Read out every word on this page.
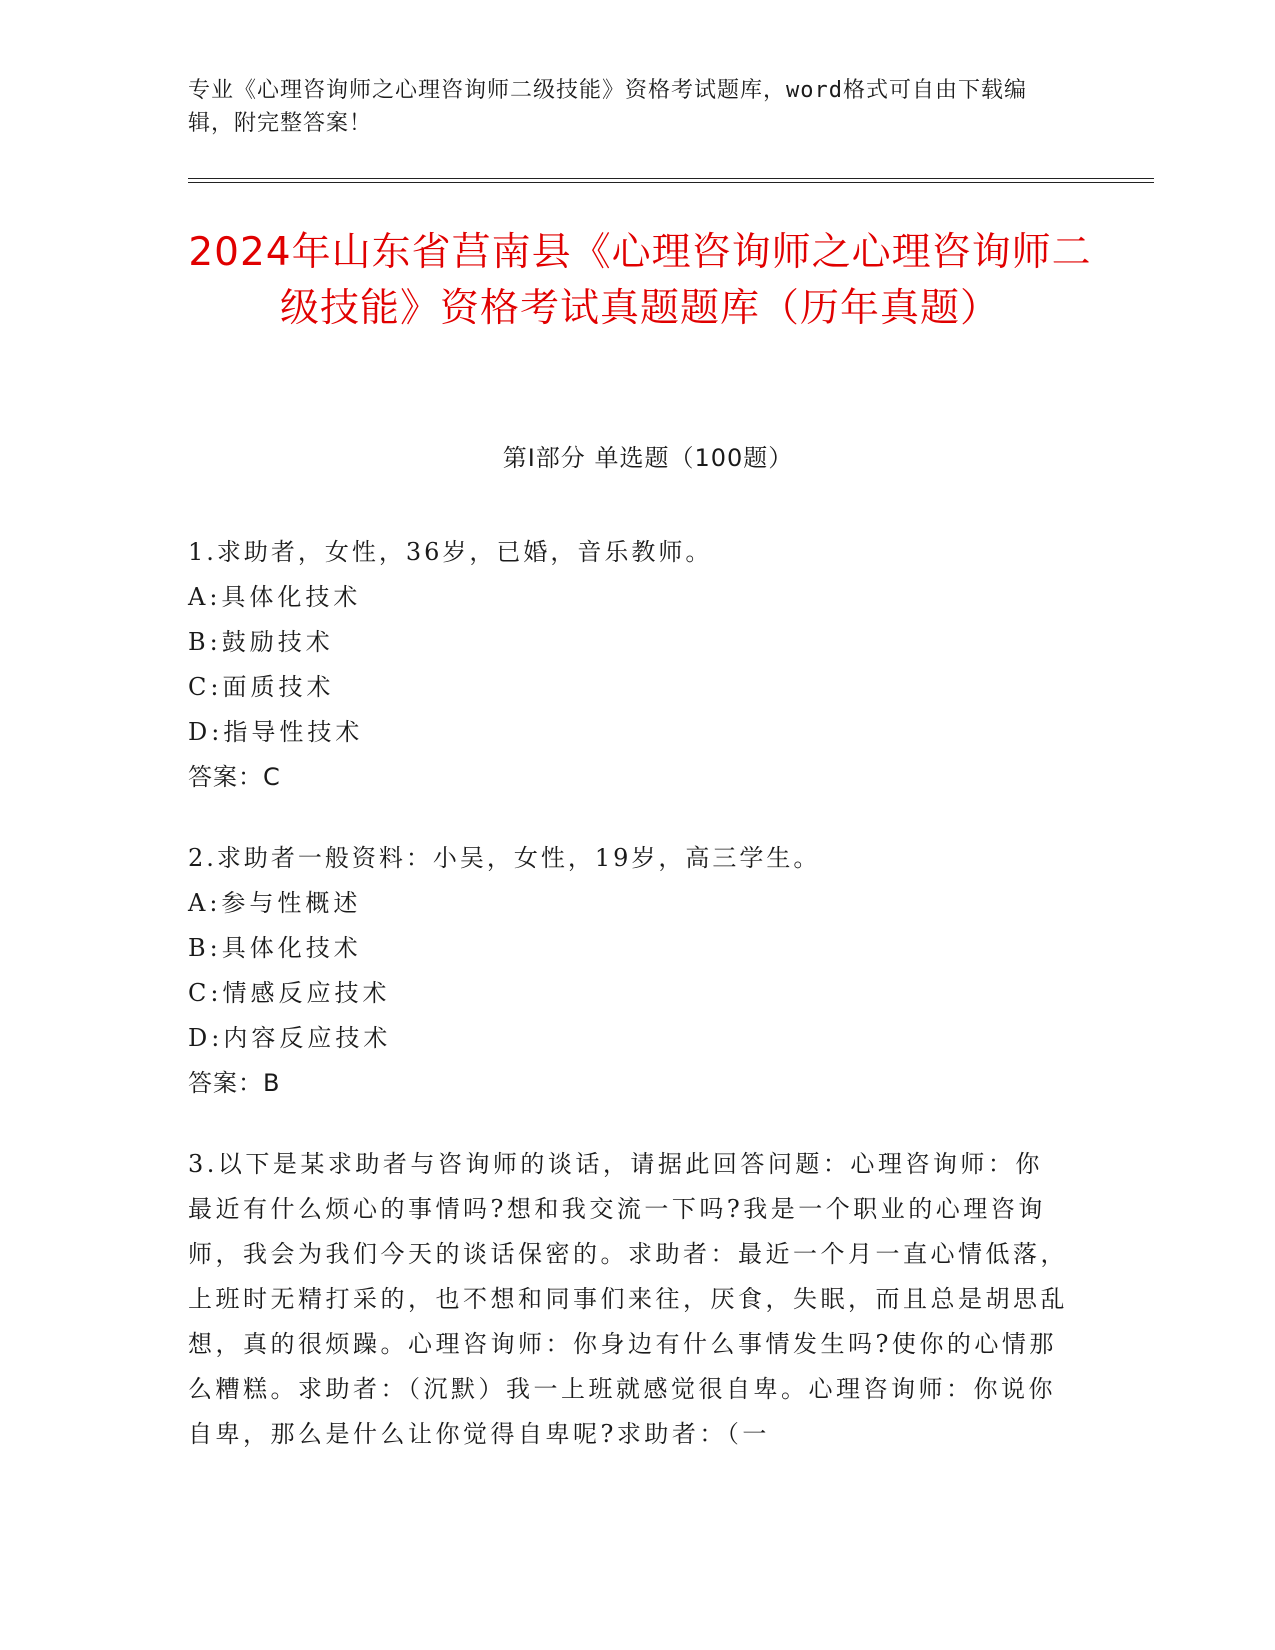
专业《心理咨询师之心理咨询师二级技能》资格考试题库，word格式可自由下载编辑，附完整答案！
2024年山东省莒南县《心理咨询师之心理咨询师二级技能》资格考试真题题库（历年真题）
第I部分 单选题（100题）
1.求助者，女性，36岁，已婚，音乐教师。
A:具体化技术
B:鼓励技术
C:面质技术
D:指导性技术
答案：C
2.求助者一般资料：小吴，女性，19岁，高三学生。
A:参与性概述
B:具体化技术
C:情感反应技术
D:内容反应技术
答案：B
3.以下是某求助者与咨询师的谈话，请据此回答问题：心理咨询师：你最近有什么烦心的事情吗?想和我交流一下吗?我是一个职业的心理咨询师，我会为我们今天的谈话保密的。求助者：最近一个月一直心情低落，上班时无精打采的，也不想和同事们来往，厌食，失眠，而且总是胡思乱想，真的很烦躁。心理咨询师：你身边有什么事情发生吗?使你的心情那么糟糕。求助者：（沉默）我一上班就感觉很自卑。心理咨询师：你说你自卑，那么是什么让你觉得自卑呢?求助者：（一
